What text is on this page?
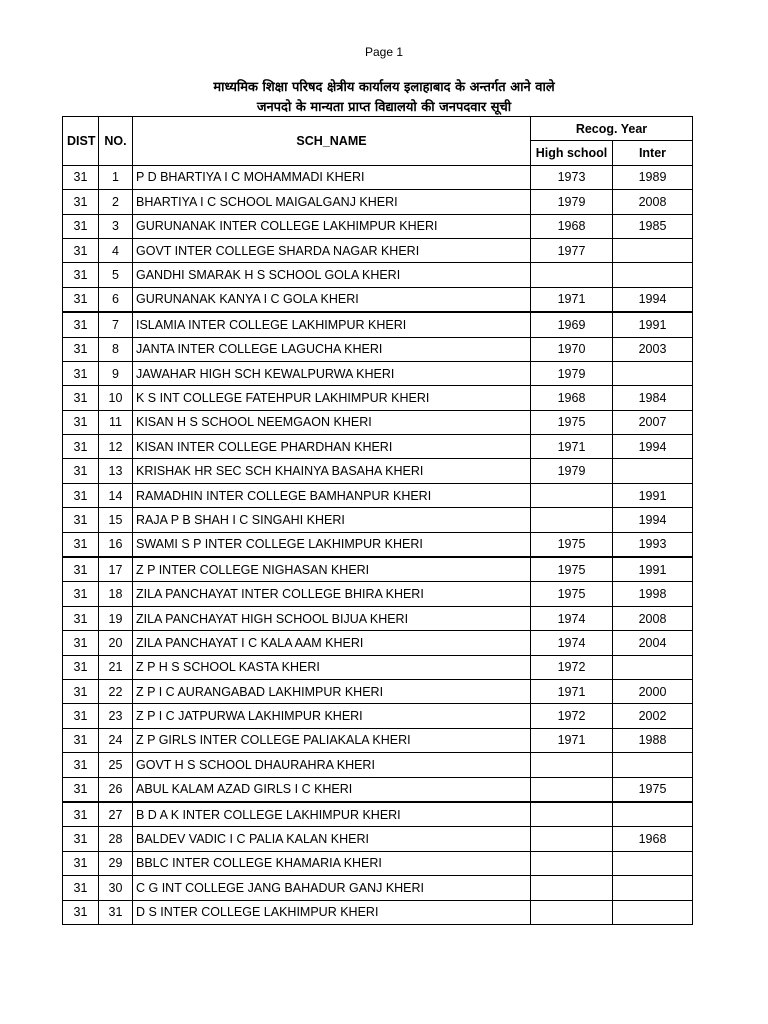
Page 1
माध्यमिक शिक्षा परिषद क्षेत्रीय कार्यालय इलाहाबाद के अन्तर्गत आने वाले
जनपदो के मान्यता प्राप्त विद्यालयो की जनपदवार सूची
DIST	NO.	SCH_NAME	Recog. Year	
			High school	Inter
31	1	P D BHARTIYA I C MOHAMMADI KHERI	1973	1989
31	2	BHARTIYA I C SCHOOL MAIGALGANJ KHERI	1979	2008
31	3	GURUNANAK INTER COLLEGE LAKHIMPUR KHERI	1968	1985
31	4	GOVT INTER COLLEGE SHARDA NAGAR KHERI	1977	
31	5	GANDHI SMARAK H S SCHOOL GOLA KHERI		
31	6	GURUNANAK KANYA I C GOLA KHERI	1971	1994
31	7	ISLAMIA INTER COLLEGE LAKHIMPUR KHERI	1969	1991
31	8	JANTA INTER COLLEGE LAGUCHA KHERI	1970	2003
31	9	JAWAHAR HIGH SCH KEWALPURWA KHERI	1979	
31	10	K S INT COLLEGE FATEHPUR LAKHIMPUR KHERI	1968	1984
31	11	KISAN H S SCHOOL NEEMGAON KHERI	1975	2007
31	12	KISAN INTER COLLEGE PHARDHAN KHERI	1971	1994
31	13	KRISHAK HR SEC SCH KHAINYA BASAHA KHERI	1979	
31	14	RAMADHIN INTER COLLEGE BAMHANPUR KHERI		1991
31	15	RAJA P B SHAH I C SINGAHI KHERI		1994
31	16	SWAMI S P INTER COLLEGE LAKHIMPUR KHERI	1975	1993
31	17	Z P INTER COLLEGE NIGHASAN KHERI	1975	1991
31	18	ZILA PANCHAYAT INTER COLLEGE BHIRA KHERI	1975	1998
31	19	ZILA PANCHAYAT HIGH SCHOOL BIJUA KHERI	1974	2008
31	20	ZILA PANCHAYAT I C KALA AAM KHERI	1974	2004
31	21	Z P H S SCHOOL KASTA KHERI	1972	
31	22	Z P I C AURANGABAD LAKHIMPUR KHERI	1971	2000
31	23	Z P I C JATPURWA LAKHIMPUR KHERI	1972	2002
31	24	Z P GIRLS INTER COLLEGE PALIAKALA KHERI	1971	1988
31	25	GOVT H S SCHOOL DHAURAHRA KHERI		
31	26	ABUL KALAM AZAD GIRLS I C KHERI		1975
31	27	B D A K INTER COLLEGE LAKHIMPUR KHERI		
31	28	BALDEV VADIC I C PALIA KALAN KHERI		1968
31	29	BBLC INTER COLLEGE KHAMARIA KHERI		
31	30	C G INT COLLEGE JANG BAHADUR GANJ KHERI		
31	31	D S INTER COLLEGE LAKHIMPUR KHERI		
